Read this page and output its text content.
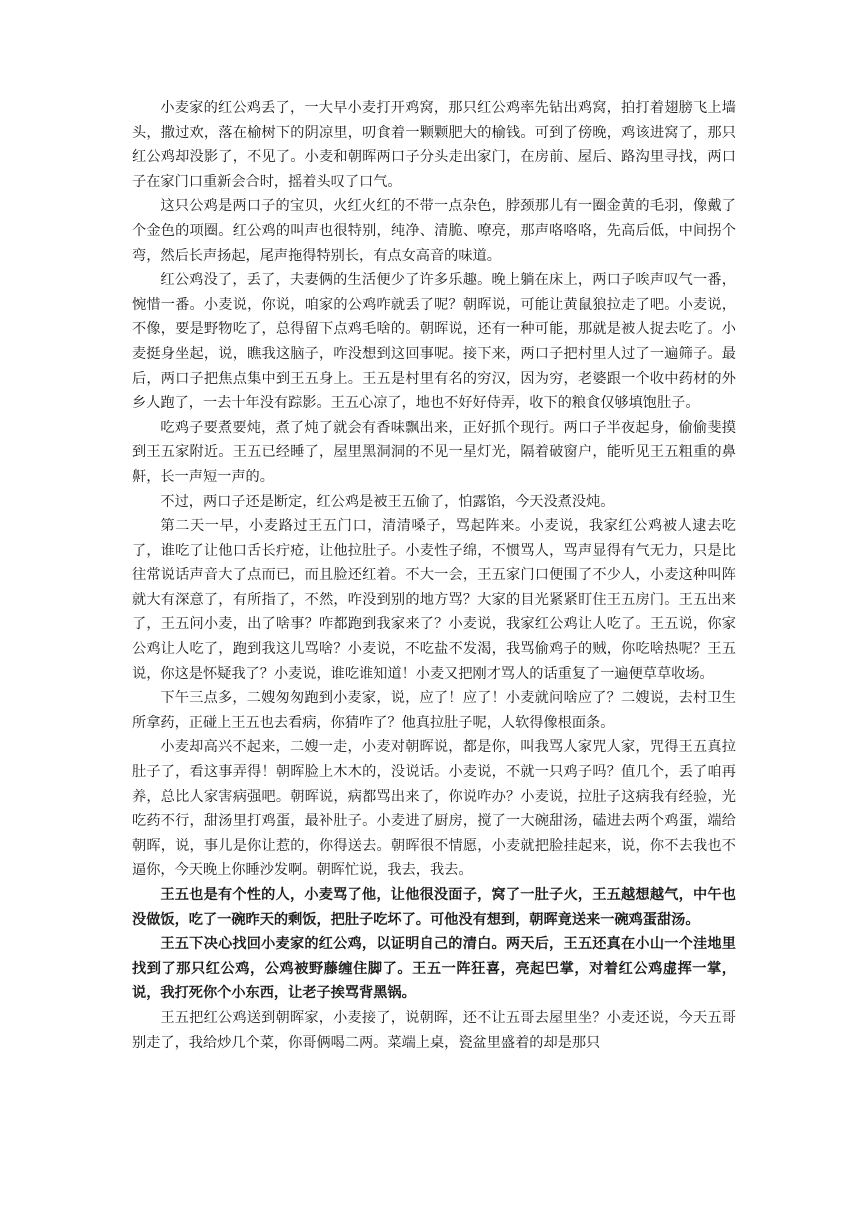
小麦家的红公鸡丢了，一大早小麦打开鸡窝，那只红公鸡率先钻出鸡窝，拍打着翅膀飞上墙头，撒过欢，落在榆树下的阴凉里，叨食着一颗颗肥大的榆钱。可到了傍晚，鸡该进窝了，那只红公鸡却没影了，不见了。小麦和朝晖两口子分头走出家门，在房前、屋后、路沟里寻找，两口子在家门口重新会合时，摇着头叹了口气。

这只公鸡是两口子的宝贝，火红火红的不带一点杂色，脖颈那儿有一圈金黄的毛羽，像戴了个金色的项圈。红公鸡的叫声也很特别，纯净、清脆、嘹亮，那声咯咯咯，先高后低，中间拐个弯，然后长声扬起，尾声拖得特别长，有点女高音的味道。

红公鸡没了，丢了，夫妻俩的生活便少了许多乐趣。晚上躺在床上，两口子唉声叹气一番，惋惜一番。小麦说，你说，咱家的公鸡咋就丢了呢？朝晖说，可能让黄鼠狼拉走了吧。小麦说，不像，要是野物吃了，总得留下点鸡毛啥的。朝晖说，还有一种可能，那就是被人捉去吃了。小麦挺身坐起，说，瞧我这脑子，咋没想到这回事呢。接下来，两口子把村里人过了一遍筛子。最后，两口子把焦点集中到王五身上。王五是村里有名的穷汉，因为穷，老婆跟一个收中药材的外乡人跑了，一去十年没有踪影。王五心凉了，地也不好好侍弄，收下的粮食仅够填饱肚子。

吃鸡子要煮要炖，煮了炖了就会有香味飘出来，正好抓个现行。两口子半夜起身，偷偷斐摸到王五家附近。王五已经睡了，屋里黑洞洞的不见一星灯光，隔着破窗户，能听见王五粗重的鼻鼾，长一声短一声的。

不过，两口子还是断定，红公鸡是被王五偷了，怕露馅，今天没煮没炖。

第二天一早，小麦路过王五门口，清清嗓子，骂起阵来。小麦说，我家红公鸡被人逮去吃了，谁吃了让他口舌长疔疮，让他拉肚子。小麦性子绵，不惯骂人，骂声显得有气无力，只是比往常说话声音大了点而已，而且脸还红着。不大一会，王五家门口便围了不少人，小麦这种叫阵就大有深意了，有所指了，不然，咋没到别的地方骂？大家的目光紧紧盯住王五房门。王五出来了，王五问小麦，出了啥事？咋都跑到我家来了？小麦说，我家红公鸡让人吃了。王五说，你家公鸡让人吃了，跑到我这儿骂啥？小麦说，不吃盐不发渴，我骂偷鸡子的贼，你吃啥热呢？王五说，你这是怀疑我了？小麦说，谁吃谁知道！小麦又把刚才骂人的话重复了一遍便草草收场。

下午三点多，二嫂匆匆跑到小麦家，说，应了！应了！小麦就问啥应了？二嫂说，去村卫生所拿药，正碰上王五也去看病，你猜咋了？他真拉肚子呢，人软得像根面条。

小麦却高兴不起来，二嫂一走，小麦对朝晖说，都是你，叫我骂人家咒人家，咒得王五真拉肚子了，看这事弄得！朝晖脸上木木的，没说话。小麦说，不就一只鸡子吗？值几个，丢了咱再养，总比人家害病强吧。朝晖说，病都骂出来了，你说咋办？小麦说，拉肚子这病我有经验，光吃药不行，甜汤里打鸡蛋，最补肚子。小麦进了厨房，搅了一大碗甜汤，磕进去两个鸡蛋，端给朝晖，说，事儿是你让惹的，你得送去。朝晖很不情愿，小麦就把脸挂起来，说，你不去我也不逼你，今天晚上你睡沙发啊。朝晖忙说，我去，我去。

王五也是有个性的人，小麦骂了他，让他很没面子，窝了一肚子火，王五越想越气，中午也没做饭，吃了一碗昨天的剩饭，把肚子吃坏了。可他没有想到，朝晖竟送来一碗鸡蛋甜汤。

王五下决心找回小麦家的红公鸡，以证明自己的清白。两天后，王五还真在小山一个洼地里找到了那只红公鸡，公鸡被野藤缠住脚了。王五一阵狂喜，亮起巴掌，对着红公鸡虚挥一掌，说，我打死你个小东西，让老子挨骂背黑锅。

王五把红公鸡送到朝晖家，小麦接了，说朝晖，还不让五哥去屋里坐？小麦还说，今天五哥别走了，我给炒几个菜，你哥俩喝二两。菜端上桌，瓷盆里盛着的却是那只
